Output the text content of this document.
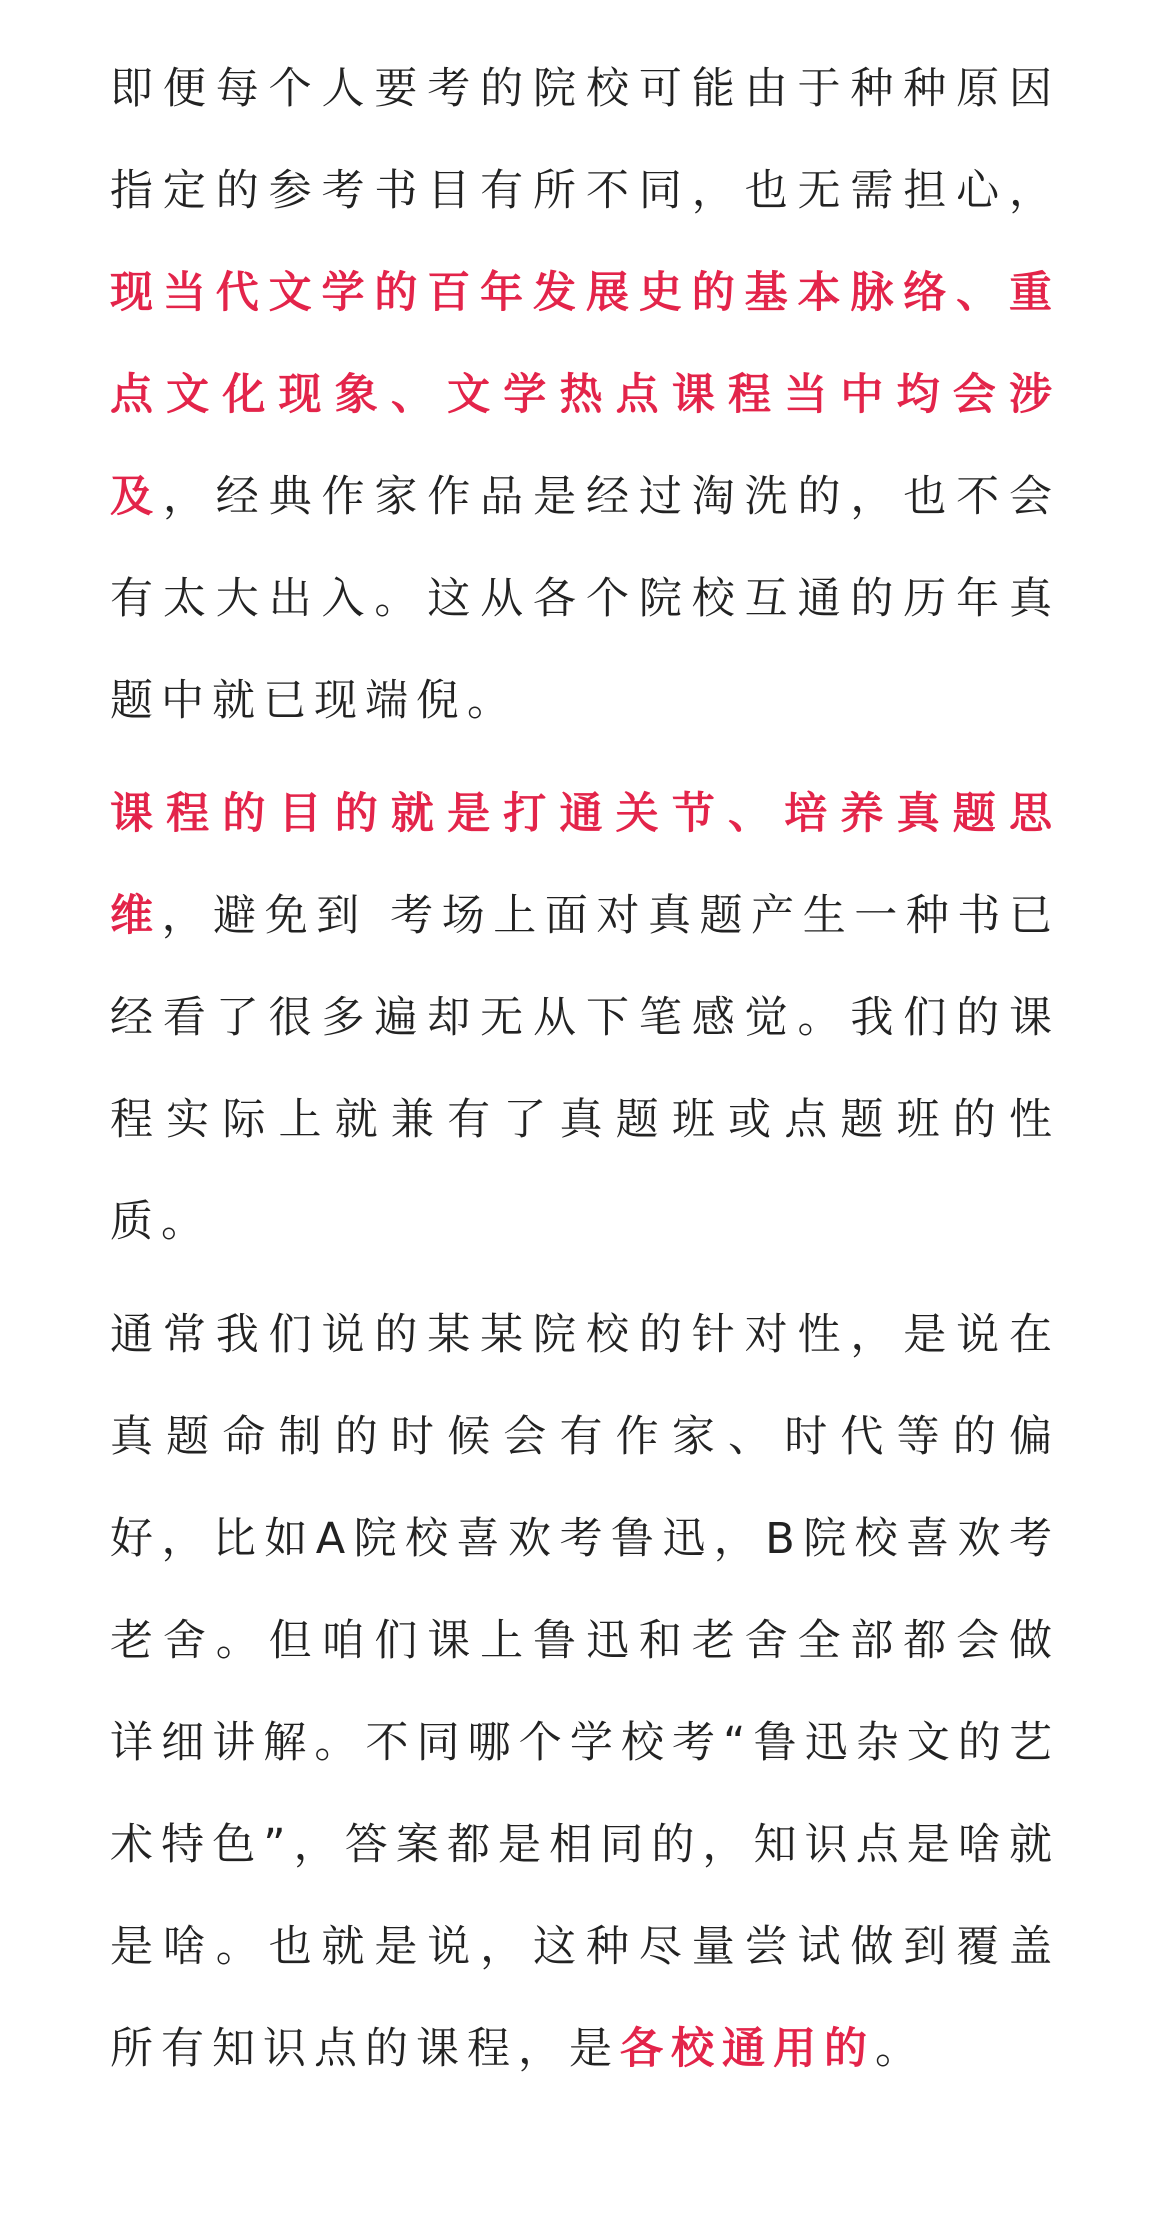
即便每个人要考的院校可能由于种种原因指定的参考书目有所不同，也无需担心，现当代文学的百年发展史的基本脉络、重点文化现象、文学热点课程当中均会涉及，经典作家作品是经过淘洗的，也不会有太大出入。这从各个院校互通的历年真题中就已现端倪。

课程的目的就是打通关节、培养真题思维，避免到 考场上面对真题产生一种书已经看了很多遍却无从下笔感觉。我们的课程实际上就兼有了真题班或点题班的性质。

通常我们说的某某院校的针对性，是说在真题命制的时候会有作家、时代等的偏好，比如A院校喜欢考鲁迅，B院校喜欢考老舍。但咱们课上鲁迅和老舍全部都会做详细讲解。不同哪个学校考“鲁迅杂文的艺术特色”，答案都是相同的，知识点是啥就是啥。也就是说，这种尽量尝试做到覆盖所有知识点的课程，是各校通用的。
